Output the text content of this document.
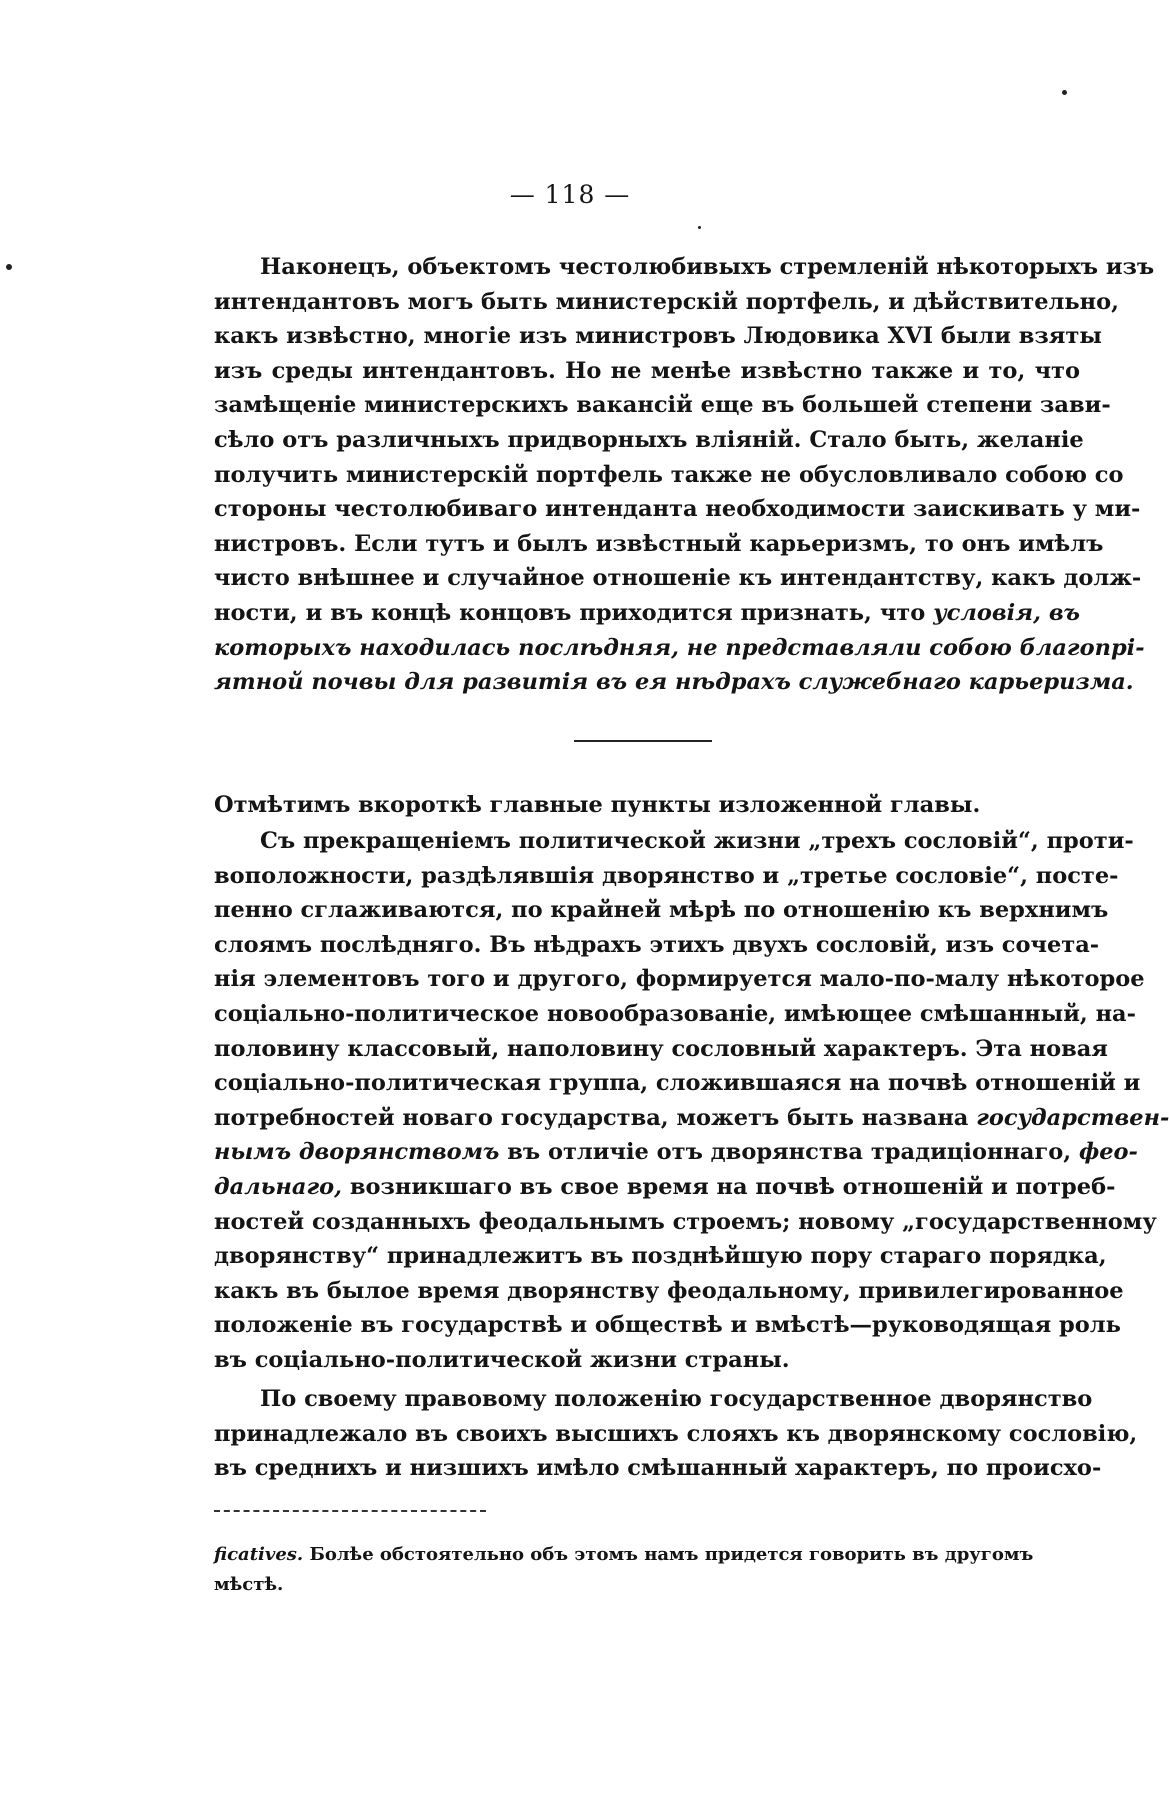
— 118 —
Наконецъ, объектомъ честолюбивыхъ стремленій нѣкоторыхъ изъ
интендантовъ могъ быть министерскій портфель, и дѣйствительно,
какъ извѣстно, многіе изъ министровъ Людовика XVI были взяты
изъ среды интендантовъ. Но не менѣе извѣстно также и то, что
замѣщеніе министерскихъ вакансій еще въ большей степени зави-
сѣло отъ различныхъ придворныхъ вліяній. Стало быть, желаніе
получить министерскій портфель также не обусловливало собою со
стороны честолюбиваго интенданта необходимости заискивать у ми-
нистровъ. Если тутъ и былъ извѣстный карьеризмъ, то онъ имѣлъ
чисто внѣшнее и случайное отношеніе къ интендантству, какъ долж-
ности, и въ концѣ концовъ приходится признать, что условія, въ
которыхъ находилась послѣдняя, не представляли собою благопрі-
ятной почвы для развитія въ ея нѣдрахъ служебнаго карьеризма.
Отмѣтимъ вкороткѣ главные пункты изложенной главы.
Съ прекращеніемъ политической жизни „трехъ сословій“, проти-
воположности, раздѣлявшія дворянство и „третье сословіе“, посте-
пенно сглаживаются, по крайней мѣрѣ по отношенію къ верхнимъ
слоямъ послѣдняго. Въ нѣдрахъ этихъ двухъ сословій, изъ сочета-
нія элементовъ того и другого, формируется мало-по-малу нѣкоторое
соціально-политическое новообразованіе, имѣющее смѣшанный, на-
половину классовый, наполовину сословный характеръ. Эта новая
соціально-политическая группа, сложившаяся на почвѣ отношеній и
потребностей новаго государства, можетъ быть названа государствен-
нымъ дворянствомъ въ отличіе отъ дворянства традиціоннаго, фео-
дальнаго, возникшаго въ свое время на почвѣ отношеній и потреб-
ностей созданныхъ феодальнымъ строемъ; новому „государственному
дворянству“ принадлежитъ въ позднѣйшую пору стараго порядка,
какъ въ былое время дворянству феодальному, привилегированное
положеніе въ государствѣ и обществѣ и вмѣстѣ—руководящая роль
въ соціально-политической жизни страны.
По своему правовому положенію государственное дворянство
принадлежало въ своихъ высшихъ слояхъ къ дворянскому сословію,
въ среднихъ и низшихъ имѣло смѣшанный характеръ, по происхо-

ficatives. Болѣе обстоятельно объ этомъ намъ придется говорить въ другомъ мѣстѣ.
